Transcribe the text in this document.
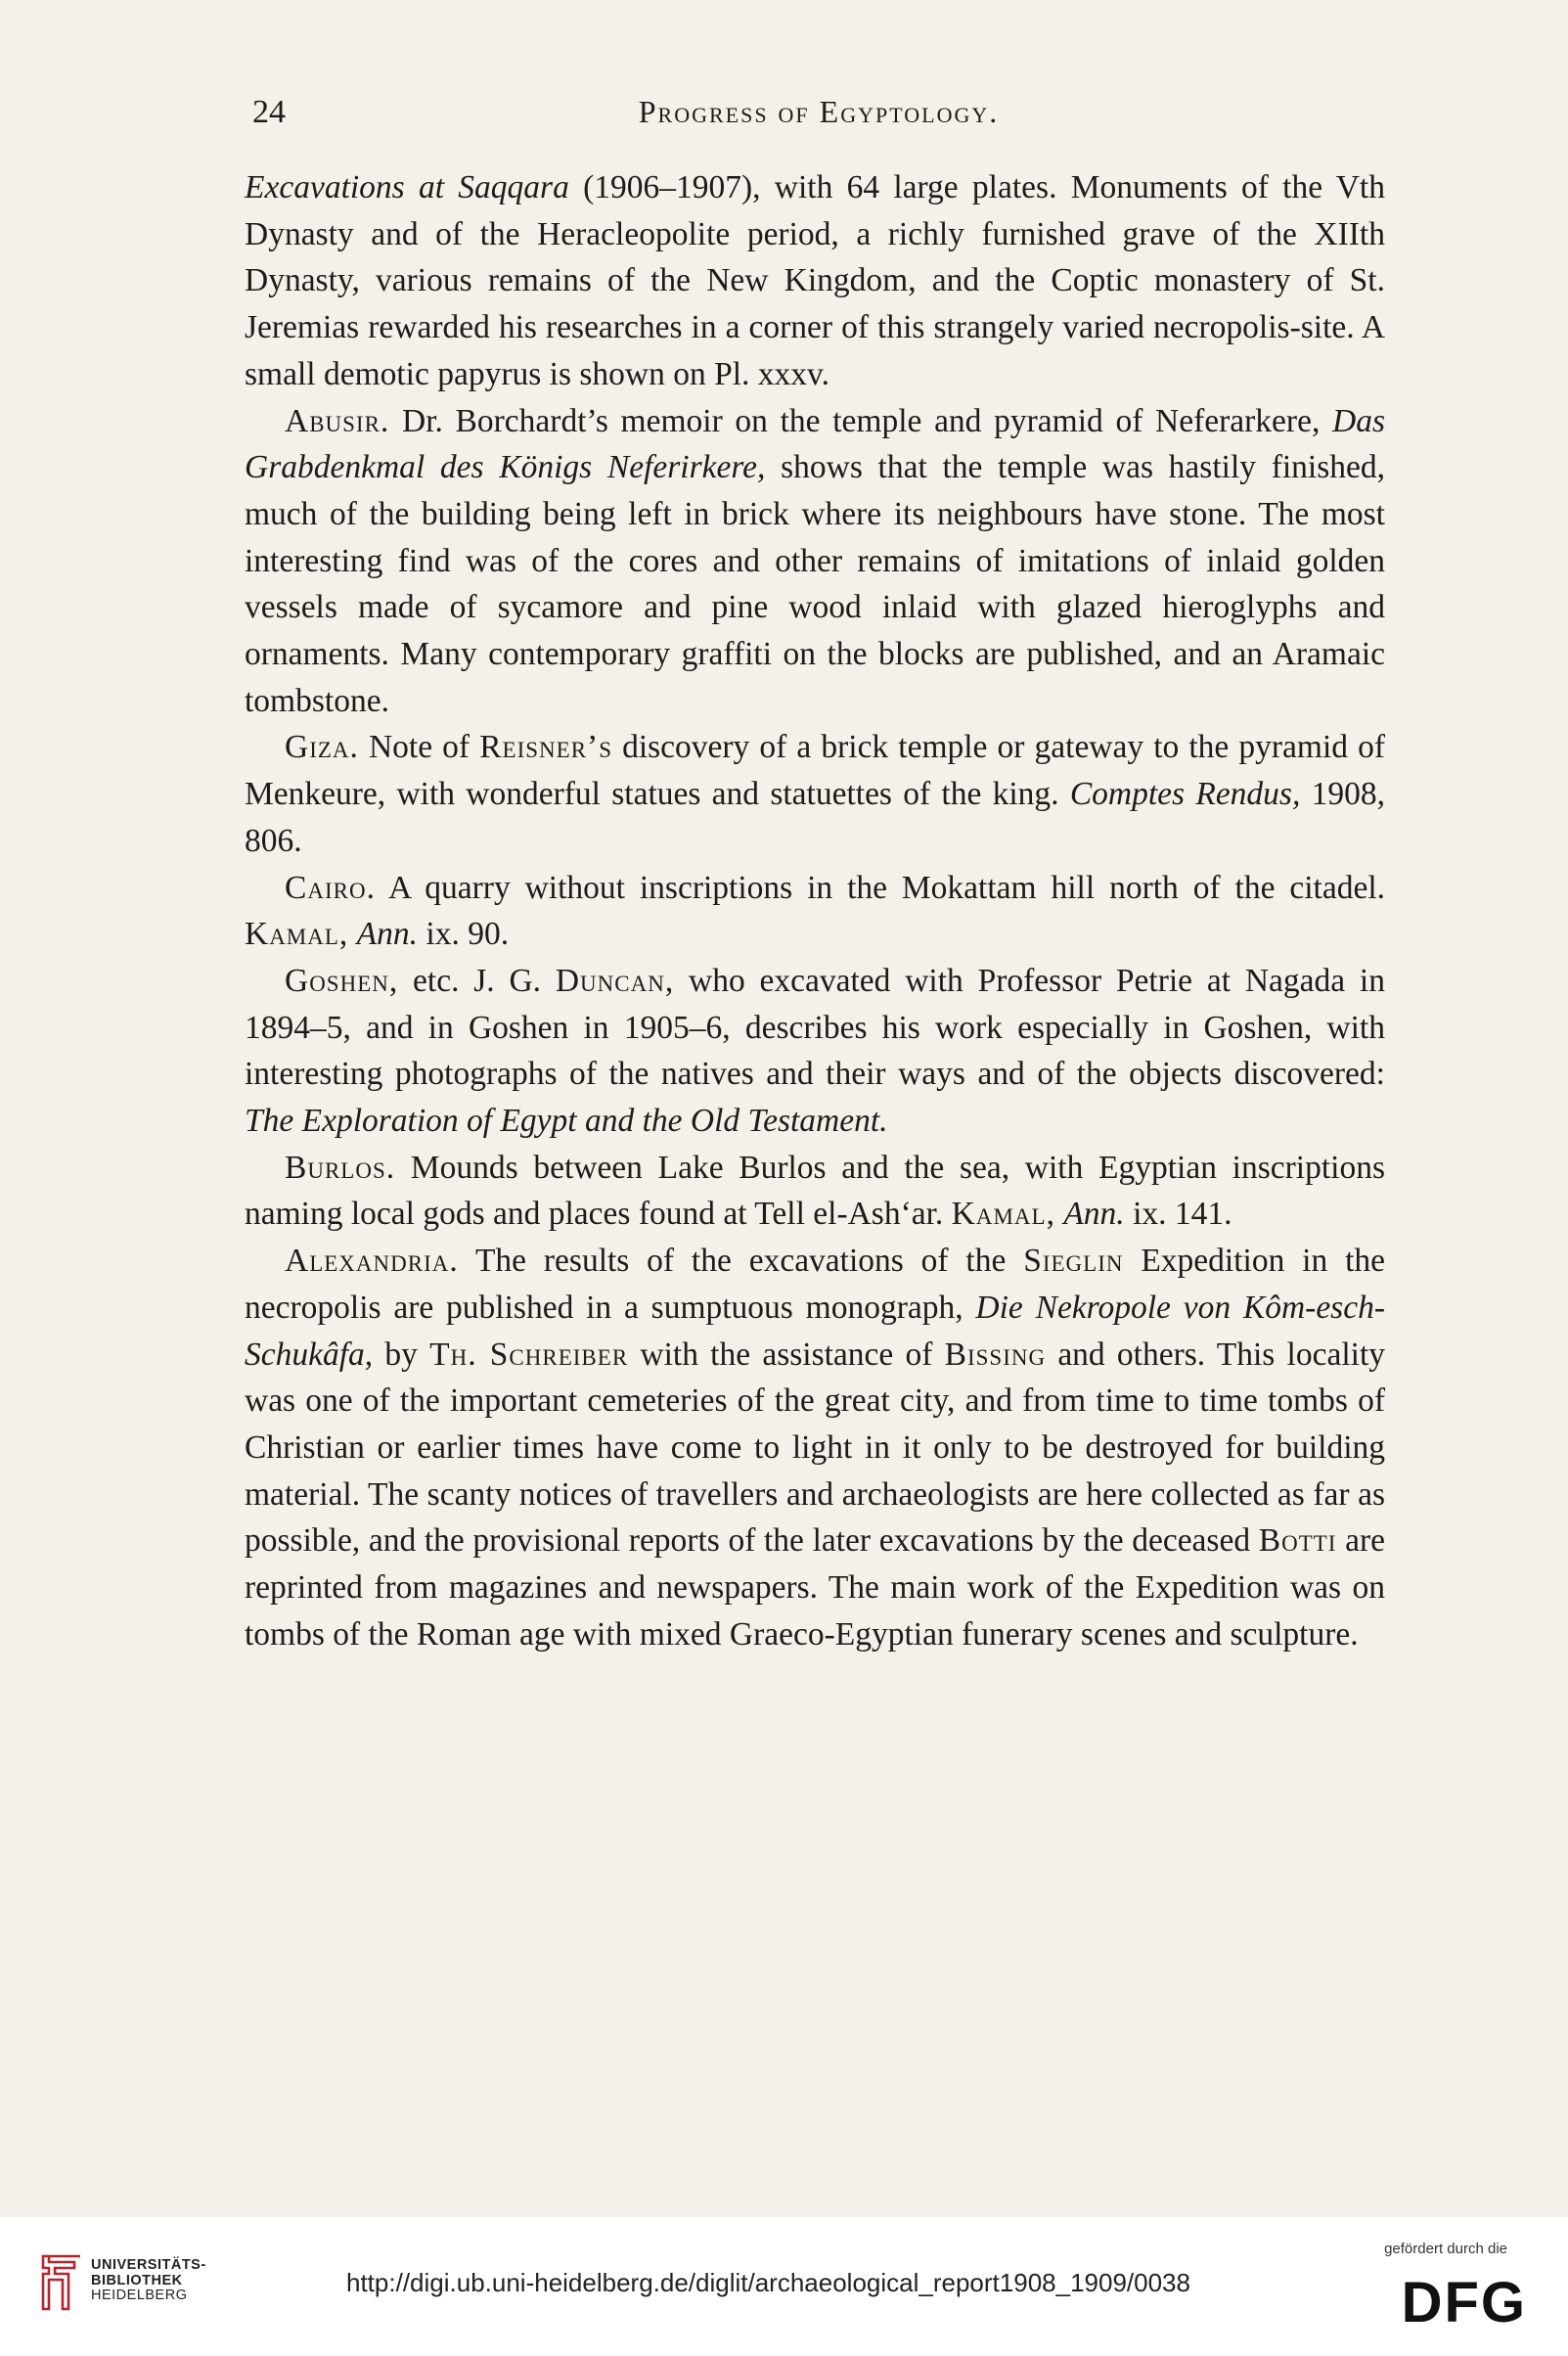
24	Progress of Egyptology.

Excavations at Saqqara (1906–1907), with 64 large plates. Monuments of the Vth Dynasty and of the Heracleopolite period, a richly furnished grave of the XIIth Dynasty, various remains of the New Kingdom, and the Coptic monastery of St. Jeremias rewarded his researches in a corner of this strangely varied necropolis-site. A small demotic papyrus is shown on Pl. xxxv.

Abusir. Dr. Borchardt’s memoir on the temple and pyramid of Neferarkere, Das Grabdenkmal des Königs Neferirkere, shows that the temple was hastily finished, much of the building being left in brick where its neighbours have stone. The most interesting find was of the cores and other remains of imitations of inlaid golden vessels made of sycamore and pine wood inlaid with glazed hieroglyphs and ornaments. Many contemporary graffiti on the blocks are published, and an Aramaic tombstone.

Giza. Note of Reisner’s discovery of a brick temple or gateway to the pyramid of Menkeure, with wonderful statues and statuettes of the king. Comptes Rendus, 1908, 806.

Cairo. A quarry without inscriptions in the Mokattam hill north of the citadel. Kamal, Ann. ix. 90.

Goshen, etc. J. G. Duncan, who excavated with Professor Petrie at Nagada in 1894–5, and in Goshen in 1905–6, describes his work especially in Goshen, with interesting photographs of the natives and their ways and of the objects discovered: The Exploration of Egypt and the Old Testament.

Burlos. Mounds between Lake Burlos and the sea, with Egyptian inscriptions naming local gods and places found at Tell el-Ash‘ar. Kamal, Ann. ix. 141.

Alexandria. The results of the excavations of the Sieglin Expedition in the necropolis are published in a sumptuous monograph, Die Nekropole von Kôm-esch-Schukâfa, by Th. Schreiber with the assistance of Bissing and others. This locality was one of the important cemeteries of the great city, and from time to time tombs of Christian or earlier times have come to light in it only to be destroyed for building material. The scanty notices of travellers and archaeologists are here collected as far as possible, and the provisional reports of the later excavations by the deceased Botti are reprinted from magazines and newspapers. The main work of the Expedition was on tombs of the Roman age with mixed Graeco-Egyptian funerary scenes and sculpture.

UNIVERSITÄTS-
BIBLIOTHEK
HEIDELBERG	http://digi.ub.uni-heidelberg.de/diglit/archaeological_report1908_1909/0038
gefördert durch die
DFG
